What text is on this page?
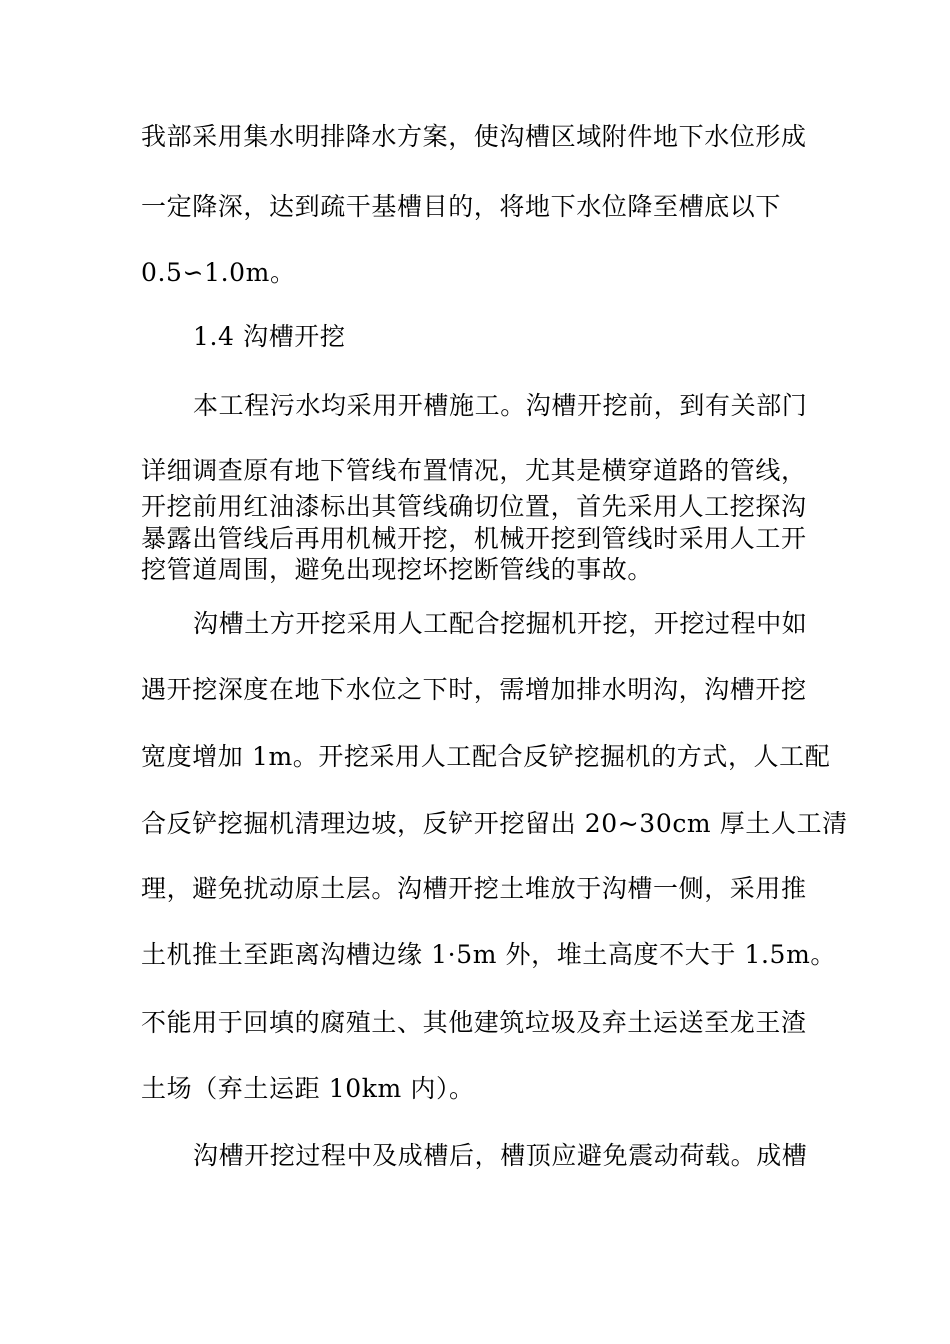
我部采用集水明排降水方案，使沟槽区域附件地下水位形成
一定降深，达到疏干基槽目的，将地下水位降至槽底以下
0.5∽1.0m。
1.4 沟槽开挖
本工程污水均采用开槽施工。沟槽开挖前，到有关部门
详细调查原有地下管线布置情况，尤其是横穿道路的管线，
开挖前用红油漆标出其管线确切位置，首先采用人工挖探沟
暴露出管线后再用机械开挖，机械开挖到管线时采用人工开
挖管道周围，避免出现挖坏挖断管线的事故。
沟槽土方开挖采用人工配合挖掘机开挖，开挖过程中如
遇开挖深度在地下水位之下时，需增加排水明沟，沟槽开挖
宽度增加 1m。开挖采用人工配合反铲挖掘机的方式，人工配
合反铲挖掘机清理边坡，反铲开挖留出 20~30cm 厚土人工清
理，避免扰动原土层。沟槽开挖土堆放于沟槽一侧，采用推
土机推土至距离沟槽边缘 1·5m 外，堆土高度不大于 1.5m。
不能用于回填的腐殖土、其他建筑垃圾及弃土运送至龙王渣
土场（弃土运距 10km 内）。
沟槽开挖过程中及成槽后，槽顶应避免震动荷载。成槽
